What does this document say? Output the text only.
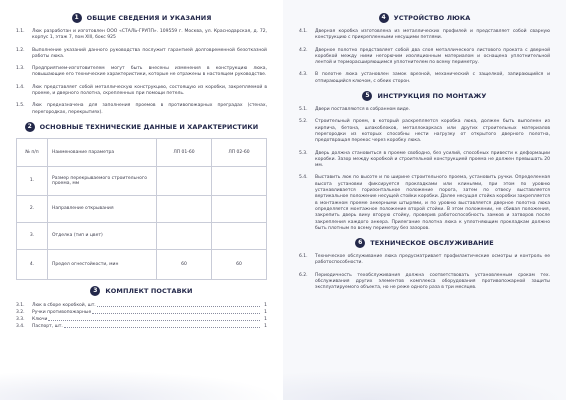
1	ОБЩИЕ СВЕДЕНИЯ И УКАЗАНИЯ
1.1.	Люк разработан и изготовлен ООО «СТАЛЬ-ГРУПП». 109559 г. Москва, ул. Краснодарская, д. 72, корпус 1, этаж 7, пом XIII, бокс 925
1.2.	Выполнение указаний данного руководства послужит гарантией долговременной безотказной работы люка.
1.3.	Предприятием-изготовителем могут быть внесены изменения в конструкцию люка, повышающие его технические характеристики, которые не отражены в настоящем руководстве.
1.4.	Люк представляет собой металлическую конструкцию, состоящую из коробки, закрепляемой в проеме, и дверного полотна, скрепленных при помощи петель.
1.5.	Люк предназначена для заполнения проемов в противопожарных преградах (стенах, перегородках, перекрытиях).
2	ОСНОВНЫЕ ТЕХНИЧЕСКИЕ ДАННЫЕ И ХАРАКТЕРИСТИКИ
№ п/п	Наименование параметра	ЛП 01-60	ЛП 02-60
1.	Размер перекрываемого строительного проема, мм		
2.	Направление открывания		
3.	Отделка (тип и цвет)		
4.	Предел огнестойкости, мин	60	60
3	КОМПЛЕКТ ПОСТАВКИ
3.1.	Люк в сборе коробкой, шт.	1
3.2.	Ручки противопожарные	1
3.3.	Ключи	1
3.4.	Паспорт, шт.	1
4	УСТРОЙСТВО ЛЮКА
4.1.	Дверная коробка изготовлена из металлических профилей и представляет собой сварную конструкцию с прикрепленными несущими петлями.
4.2.	Дверное полотно представляет собой два слоя металлического листового проката с дверной коробкой между ними негорючим изоляционным материалом и оснащена уплотнительной лентой и терморасширяющимся уплотнителем по всему периметру.
4.3.	В полотне люка установлен замок врезной, механический с защелкой, запирающийся и отпирающийся ключом, с обеих сторон.
5	ИНСТРУКЦИЯ ПО МОНТАЖУ
5.1.	Двери поставляются в собранном виде.
5.2.	Строительный проем, в который раскрепляется коробка люка, должен быть выполнен из кирпича, бетона, шлакоблоков, металлокаркаса или других строительных материалов перегородки из которых способны нести нагрузку от открытого дверного полотна, предотвращая перекос через коробку люка.
5.3.	Дверь должна становиться в проеме свободно, без усилий, способных привести к деформации коробки. Зазор между коробкой и строительной конструкцией проема не должен превышать 20 мм.
5.4.	Выставить люк по высоте и по ширине строительного проема, установить ручки. Определенная высота установки фиксируется прокладками или клиньями, при этом по уровню устанавливается горизонтальное положение порога, затем по отвесу выставляется вертикальное положение несущей стойки коробки. Далее несущая стойка коробки закрепляется в монтажном проеме анкерными штырями, и по уровню выставляется дверное полотна люка определяется монтажное положение второй стойки. В этом положении, не сбивая положения, закрепить дверь вину вторую стойку, проверив работоспособность замков и затворов после закрепления каждого анкера. Прилегание полотна люка к уплотняющим прокладкам должно быть плотным по всему периметру без зазоров.
6	ТЕХНИЧЕСКОЕ ОБСЛУЖИВАНИЕ
6.1.	Техническое обслуживание люка предусматривает профилактические осмотры и контроль ее работоспособности.
6.2.	Периодичность техобслуживания должна соответствовать установленным срокам тех. обслуживания других элементов комплекса оборудования противопожарной защиты эксплуатируемого объекта, но не реже одного раза в три месяцев.
